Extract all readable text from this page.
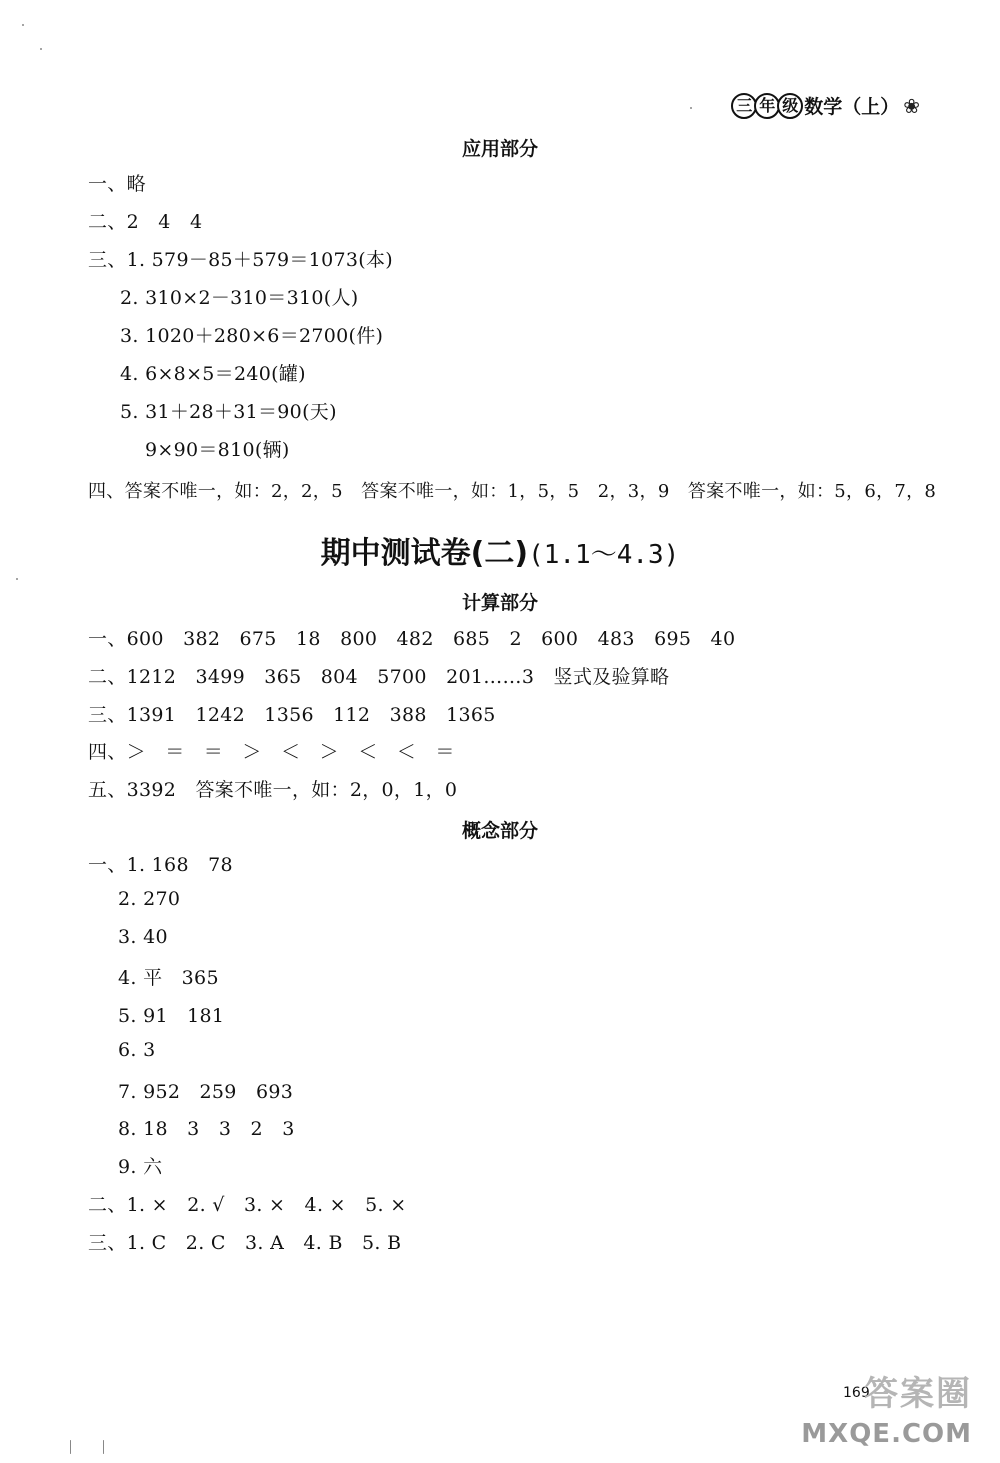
三 年 级 数学（上） ❀
应用部分
一、略
二、2　4　4
三、1. 579－85＋579＝1073(本)
2. 310×2－310＝310(人)
3. 1020＋280×6＝2700(件)
4. 6×8×5＝240(罐)
5. 31＋28＋31＝90(天)
9×90＝810(辆)
四、答案不唯一，如：2，2，5　答案不唯一，如：1，5，5　2，3，9　答案不唯一，如：5，6，7，8
期中测试卷(二)(1.1～4.3)
计算部分
一、600　382　675　18　800　482　685　2　600　483　695　40
二、1212　3499　365　804　5700　201……3　竖式及验算略
三、1391　1242　1356　112　388　1365
四、＞　＝　＝　＞　＜　＞　＜　＜　＝
五、3392　答案不唯一，如：2，0，1，0
概念部分
一、1. 168　78
2. 270
3. 40
4. 平　365
5. 91　181
6. 3
7. 952　259　693
8. 18　3　3　2　3
9. 六
二、1. ×　2. √　3. ×　4. ×　5. ×
三、1. C　2. C　3. A　4. B　5. B
169
答案圈
MXQE.COM
